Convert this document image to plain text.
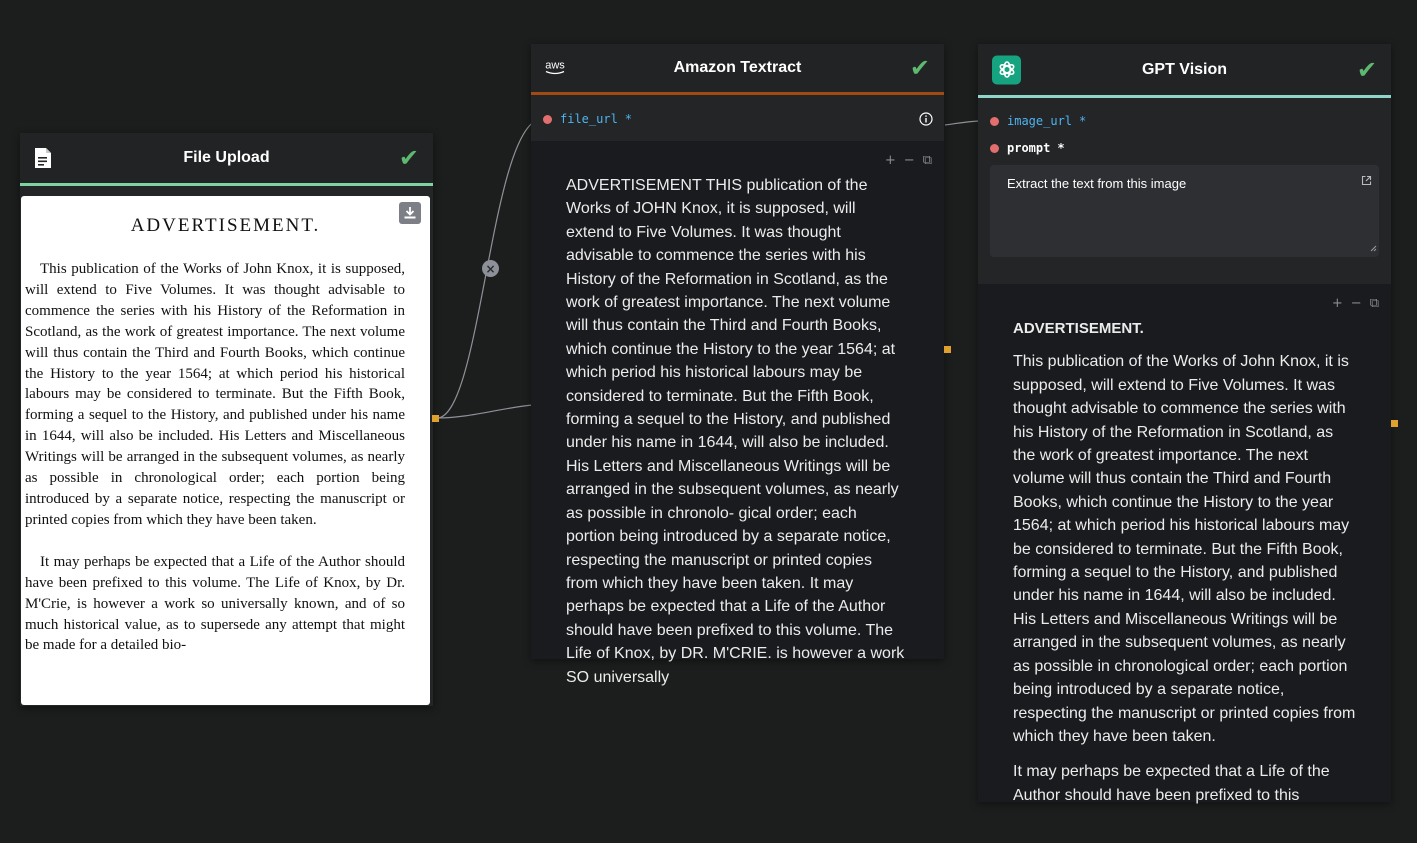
×
File Upload	✔
ADVERTISEMENT.

This publication of the Works of John Knox, it is supposed, will extend to Five Volumes. It was thought advisable to commence the series with his History of the Reformation in Scotland, as the work of greatest importance. The next volume will thus contain the Third and Fourth Books, which continue the History to the year 1564; at which period his historical labours may be considered to terminate. But the Fifth Book, forming a sequel to the History, and published under his name in 1644, will also be included. His Letters and Miscellaneous Writings will be arranged in the subsequent volumes, as nearly as possible in chronological order; each portion being introduced by a separate notice, respecting the manuscript or printed copies from which they have been taken.

It may perhaps be expected that a Life of the Author should have been prefixed to this volume. The Life of Knox, by Dr. M'Crie, is however a work so universally known, and of so much historical value, as to supersede any attempt that might be made for a detailed bio-

aws	Amazon Textract	✔
file_url *
+ − ⧉
ADVERTISEMENT THIS publication of the Works of JOHN Knox, it is supposed, will extend to Five Volumes. It was thought advisable to commence the series with his History of the Reformation in Scotland, as the work of greatest importance. The next volume will thus contain the Third and Fourth Books, which continue the History to the year 1564; at which period his historical labours may be considered to terminate. But the Fifth Book, forming a sequel to the History, and published under his name in 1644, will also be included. His Letters and Miscellaneous Writings will be arranged in the subsequent volumes, as nearly as possible in chronolo- gical order; each portion being introduced by a separate notice, respecting the manuscript or printed copies from which they have been taken. It may perhaps be expected that a Life of the Author should have been prefixed to this volume. The Life of Knox, by DR. M'CRIE. is however a work SO universally
GPT Vision	✔
image_url *
prompt *
Extract the text from this image
+ − ⧉

ADVERTISEMENT.

This publication of the Works of John Knox, it is supposed, will extend to Five Volumes. It was thought advisable to commence the series with his History of the Reformation in Scotland, as the work of greatest importance. The next volume will thus contain the Third and Fourth Books, which continue the History to the year 1564; at which period his historical labours may be considered to terminate. But the Fifth Book, forming a sequel to the History, and published under his name in 1644, will also be included. His Letters and Miscellaneous Writings will be arranged in the subsequent volumes, as nearly as possible in chronological order; each portion being introduced by a separate notice, respecting the manuscript or printed copies from which they have been taken.

It may perhaps be expected that a Life of the Author should have been prefixed to this
